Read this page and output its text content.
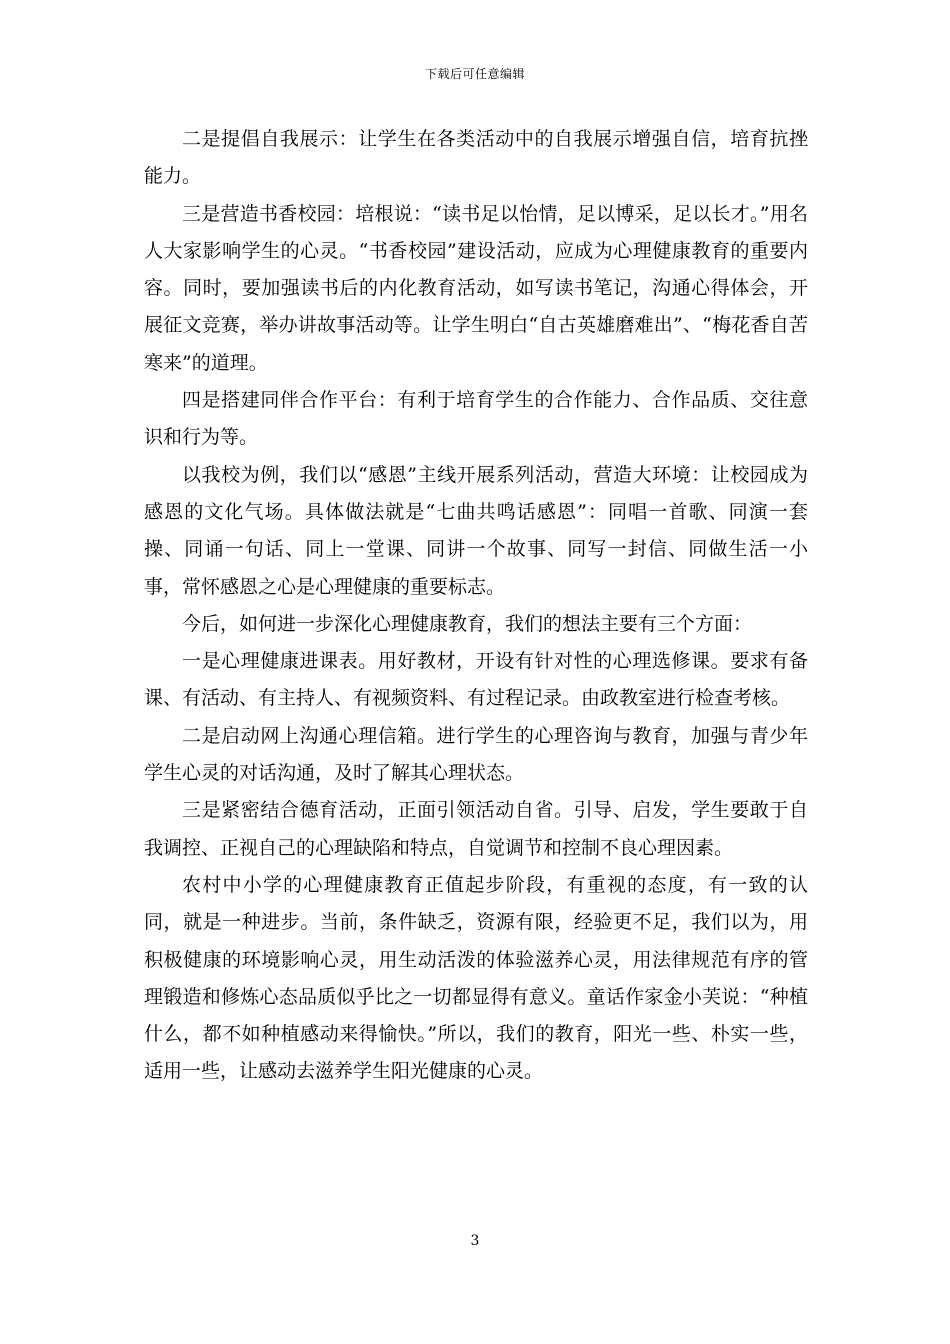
下载后可任意编辑

二是提倡自我展示：让学生在各类活动中的自我展示增强自信，培育抗挫能力。

三是营造书香校园：培根说：“读书足以怡情，足以博采，足以长才。”用名人大家影响学生的心灵。“书香校园”建设活动，应成为心理健康教育的重要内容。同时，要加强读书后的内化教育活动，如写读书笔记，沟通心得体会，开展征文竞赛，举办讲故事活动等。让学生明白“自古英雄磨难出”、“梅花香自苦寒来”的道理。

四是搭建同伴合作平台：有利于培育学生的合作能力、合作品质、交往意识和行为等。

以我校为例，我们以“感恩”主线开展系列活动，营造大环境：让校园成为感恩的文化气场。具体做法就是“七曲共鸣话感恩”：同唱一首歌、同演一套操、同诵一句话、同上一堂课、同讲一个故事、同写一封信、同做生活一小事，常怀感恩之心是心理健康的重要标志。

今后，如何进一步深化心理健康教育，我们的想法主要有三个方面：

一是心理健康进课表。用好教材，开设有针对性的心理选修课。要求有备课、有活动、有主持人、有视频资料、有过程记录。由政教室进行检查考核。

二是启动网上沟通心理信箱。进行学生的心理咨询与教育，加强与青少年学生心灵的对话沟通，及时了解其心理状态。

三是紧密结合德育活动，正面引领活动自省。引导、启发，学生要敢于自我调控、正视自己的心理缺陷和特点，自觉调节和控制不良心理因素。

农村中小学的心理健康教育正值起步阶段，有重视的态度，有一致的认同，就是一种进步。当前，条件缺乏，资源有限，经验更不足，我们以为，用积极健康的环境影响心灵，用生动活泼的体验滋养心灵，用法律规范有序的管理锻造和修炼心态品质似乎比之一切都显得有意义。童话作家金小芙说：“种植什么，都不如种植感动来得愉快。”所以，我们的教育，阳光一些、朴实一些，适用一些，让感动去滋养学生阳光健康的心灵。

3
